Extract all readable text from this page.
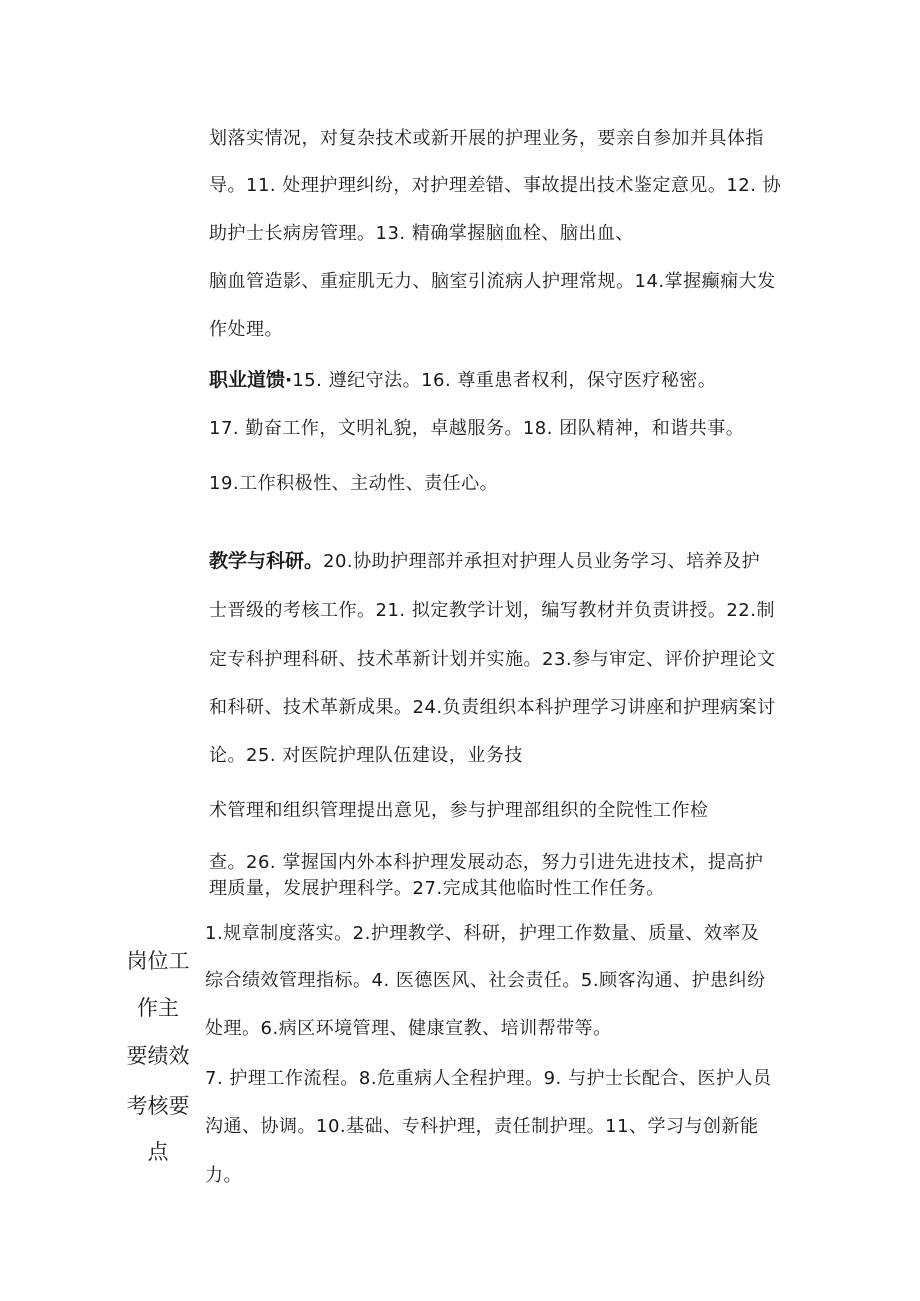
划落实情况，对复杂技术或新开展的护理业务，要亲自参加并具体指
导。11. 处理护理纠纷，对护理差错、事故提出技术鉴定意见。12. 协
助护士长病房管理。13. 精确掌握脑血栓、脑出血、
脑血管造影、重症肌无力、脑室引流病人护理常规。14.掌握癫痫大发
作处理。
职业道馈·15. 遵纪守法。16. 尊重患者权利，保守医疗秘密。
17. 勤奋工作，文明礼貌，卓越服务。18. 团队精神，和谐共事。
19.工作积极性、主动性、责任心。
教学与科研。20.协助护理部并承担对护理人员业务学习、培养及护
士晋级的考核工作。21. 拟定教学计划，编写教材并负责讲授。22.制
定专科护理科研、技术革新计划并实施。23.参与审定、评价护理论文
和科研、技术革新成果。24.负责组织本科护理学习讲座和护理病案讨
论。25. 对医院护理队伍建设，业务技
术管理和组织管理提出意见，参与护理部组织的全院性工作检
查。26. 掌握国内外本科护理发展动态，努力引进先进技术，提高护
理质量，发展护理科学。27.完成其他临时性工作任务。
岗位工
作主
要绩效
考核要
点
1.规章制度落实。2.护理教学、科研，护理工作数量、质量、效率及
综合绩效管理指标。4. 医德医风、社会责任。5.顾客沟通、护患纠纷
处理。6.病区环境管理、健康宣教、培训帮带等。
7. 护理工作流程。8.危重病人全程护理。9. 与护士长配合、医护人员
沟通、协调。10.基础、专科护理，责任制护理。11、学习与创新能
力。
